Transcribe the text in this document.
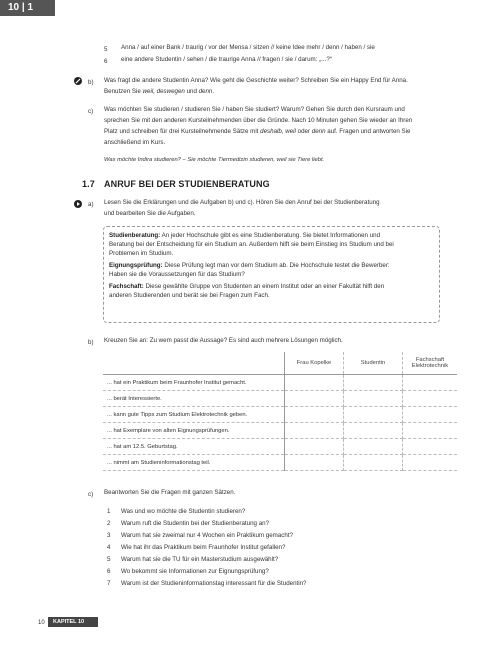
10 | 1
5 Anna / auf einer Bank / traurig / vor der Mensa / sitzen // keine Idee mehr / denn / haben / sie
6 eine andere Studentin / sehen / die traurige Anna // fragen / sie / darum: „...?“
b) Was fragt die andere Studentin Anna? Wie geht die Geschichte weiter? Schreiben Sie ein Happy End für Anna.
Benutzen Sie weil, deswegen und denn.
c) Was möchten Sie studieren / studieren Sie / haben Sie studiert? Warum? Gehen Sie durch den Kursraum und
sprechen Sie mit den anderen Kursteilnehmenden über die Gründe. Nach 10 Minuten gehen Sie wieder an Ihren
Platz und schreiben für drei Kursteilnehmende Sätze mit deshalb, weil oder denn auf. Fragen und antworten Sie
anschließend im Kurs.
Was möchte Indira studieren? – Sie möchte Tiermedizin studieren, weil sie Tiere liebt.
1.7 ANRUF BEI DER STUDIENBERATUNG
a) Lesen Sie die Erklärungen und die Aufgaben b) und c). Hören Sie den Anruf bei der Studienberatung
und bearbeiten Sie die Aufgaben.

Studienberatung: An jeder Hochschule gibt es eine Studienberatung. Sie bietet Informationen und
Beratung bei der Entscheidung für ein Studium an. Außerdem hilft sie beim Einstieg ins Studium und bei
Problemen im Studium.

Eignungsprüfung: Diese Prüfung legt man vor dem Studium ab. Die Hochschule testet die Bewerber:
Haben sie die Voraussetzungen für das Studium?

Fachschaft: Diese gewählte Gruppe von Studenten an einem Institut oder an einer Fakultät hilft den
anderen Studierenden und berät sie bei Fragen zum Fach.

b) Kreuzen Sie an: Zu wem passt die Aussage? Es sind auch mehrere Lösungen möglich.
	Frau Kopelke	Studentin	Fachschaft Elektrotechnik
... hat ein Praktikum beim Fraunhofer Institut gemacht.			
... berät Interessierte.			
... kann gute Tipps zum Studium Elektrotechnik geben.			
... hat Exemplare von alten Eignungsprüfungen.			
... hat am 12.5. Geburtstag.			
... nimmt am Studieninformationstag teil.			
c) Beantworten Sie die Fragen mit ganzen Sätzen.
1 Was und wo möchte die Studentin studieren?
2 Warum ruft die Studentin bei der Studienberatung an?
3 Warum hat sie zweimal nur 4 Wochen ein Praktikum gemacht?
4 Wie hat ihr das Praktikum beim Fraunhofer Institut gefallen?
5 Warum hat sie die TU für ein Masterstudium ausgewählt?
6 Wo bekommt sie Informationen zur Eignungsprüfung?
7 Warum ist der Studieninformationstag interessant für die Studentin?
10	KAPITEL 10
